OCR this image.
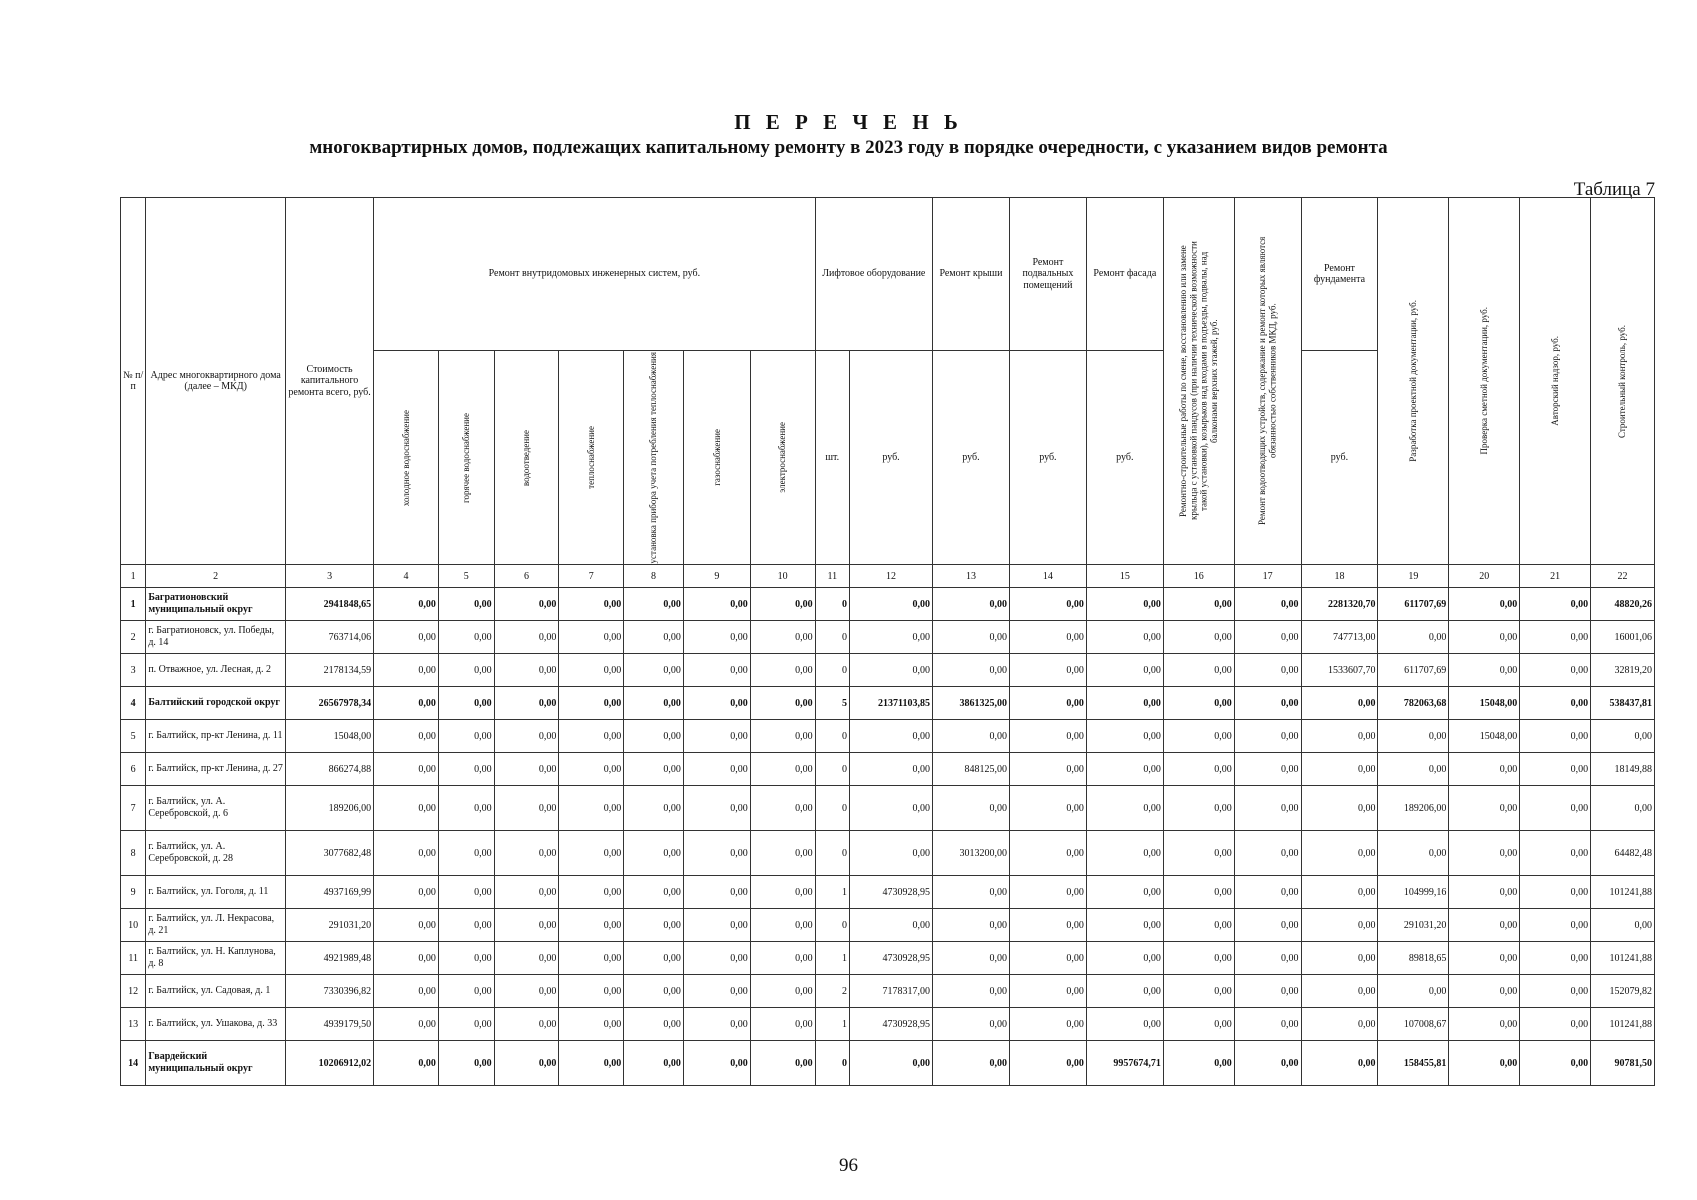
П Е Р Е Ч Е Н Ь
многоквартирных домов, подлежащих капитальному ремонту в 2023 году в порядке очередности, с указанием видов ремонта
Таблица 7
№ п/п	Адрес многоквартирного дома (далее – МКД)	Стоимость капитального ремонта всего, руб.	Ремонт внутридомовых инженерных систем, руб.							Лифтовое оборудование		Ремонт крыши	Ремонт подвальных помещений	Ремонт фасада	Ремонтно-строительные работы по смене, восстановлению или замене крыльца с установкой пандусов (при наличии технической возможности такой установки), козырьков над входами в подъезды, подвалы, над балконами верхних этажей, руб.	Ремонт водоотводящих устройств, содержание и ремонт которых являются обязанностью собственников МКД, руб.	Ремонт фундамента	Разработка проектной документации, руб.	Проверка сметной документации, руб.	Авторский надзор, руб.	Строительный контроль, руб.

			холодное водоснабжение	горячее водоснабжение	водоотведение	теплоснабжение	установка прибора учета потребления теплоснабжения	газоснабжение	электроснабжение	шт.	руб.	руб.	руб.	руб.			руб.				
1	2	3	4	5	6	7	8	9	10	11	12	13	14	15	16	17	18	19	20	21	22
1	Багратионовский муниципальный округ	2941848,65	0,00	0,00	0,00	0,00	0,00	0,00	0,00	0	0,00	0,00	0,00	0,00	0,00	0,00	2281320,70	611707,69	0,00	0,00	48820,26
2	г. Багратионовск, ул. Победы, д. 14	763714,06	0,00	0,00	0,00	0,00	0,00	0,00	0,00	0	0,00	0,00	0,00	0,00	0,00	0,00	747713,00	0,00	0,00	0,00	16001,06
3	п. Отважное, ул. Лесная, д. 2	2178134,59	0,00	0,00	0,00	0,00	0,00	0,00	0,00	0	0,00	0,00	0,00	0,00	0,00	0,00	1533607,70	611707,69	0,00	0,00	32819,20
4	Балтийский городской округ	26567978,34	0,00	0,00	0,00	0,00	0,00	0,00	0,00	5	21371103,85	3861325,00	0,00	0,00	0,00	0,00	0,00	782063,68	15048,00	0,00	538437,81
5	г. Балтийск, пр-кт Ленина, д. 11	15048,00	0,00	0,00	0,00	0,00	0,00	0,00	0,00	0	0,00	0,00	0,00	0,00	0,00	0,00	0,00	0,00	15048,00	0,00	0,00
6	г. Балтийск, пр-кт Ленина, д. 27	866274,88	0,00	0,00	0,00	0,00	0,00	0,00	0,00	0	0,00	848125,00	0,00	0,00	0,00	0,00	0,00	0,00	0,00	0,00	18149,88
7	г. Балтийск, ул. А. Серебровской, д. 6	189206,00	0,00	0,00	0,00	0,00	0,00	0,00	0,00	0	0,00	0,00	0,00	0,00	0,00	0,00	0,00	189206,00	0,00	0,00	0,00
8	г. Балтийск, ул. А. Серебровской, д. 28	3077682,48	0,00	0,00	0,00	0,00	0,00	0,00	0,00	0	0,00	3013200,00	0,00	0,00	0,00	0,00	0,00	0,00	0,00	0,00	64482,48
9	г. Балтийск, ул. Гоголя, д. 11	4937169,99	0,00	0,00	0,00	0,00	0,00	0,00	0,00	1	4730928,95	0,00	0,00	0,00	0,00	0,00	0,00	104999,16	0,00	0,00	101241,88
10	г. Балтийск, ул. Л. Некрасова, д. 21	291031,20	0,00	0,00	0,00	0,00	0,00	0,00	0,00	0	0,00	0,00	0,00	0,00	0,00	0,00	0,00	291031,20	0,00	0,00	0,00
11	г. Балтийск, ул. Н. Каплунова, д. 8	4921989,48	0,00	0,00	0,00	0,00	0,00	0,00	0,00	1	4730928,95	0,00	0,00	0,00	0,00	0,00	0,00	89818,65	0,00	0,00	101241,88
12	г. Балтийск, ул. Садовая, д. 1	7330396,82	0,00	0,00	0,00	0,00	0,00	0,00	0,00	2	7178317,00	0,00	0,00	0,00	0,00	0,00	0,00	0,00	0,00	0,00	152079,82
13	г. Балтийск, ул. Ушакова, д. 33	4939179,50	0,00	0,00	0,00	0,00	0,00	0,00	0,00	1	4730928,95	0,00	0,00	0,00	0,00	0,00	0,00	107008,67	0,00	0,00	101241,88
14	Гвардейский муниципальный округ	10206912,02	0,00	0,00	0,00	0,00	0,00	0,00	0,00	0	0,00	0,00	0,00	9957674,71	0,00	0,00	0,00	158455,81	0,00	0,00	90781,50
96
